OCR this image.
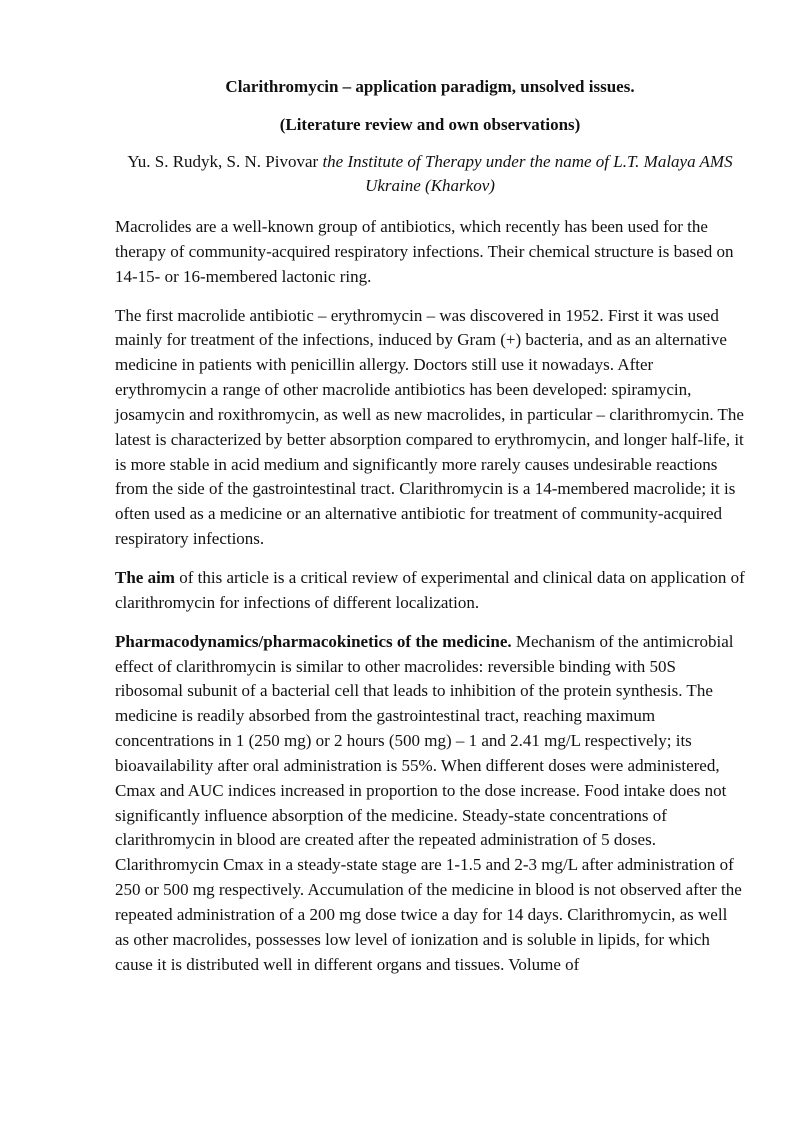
Clarithromycin – application paradigm, unsolved issues.
(Literature review and own observations)
Yu. S. Rudyk, S. N. Pivovar the Institute of Therapy under the name of L.T. Malaya AMS Ukraine (Kharkov)

Macrolides are a well-known group of antibiotics, which recently has been used for the therapy of community-acquired respiratory infections. Their chemical structure is based on 14-15- or 16-membered lactonic ring.

The first macrolide antibiotic – erythromycin – was discovered in 1952. First it was used mainly for treatment of the infections, induced by Gram (+) bacteria, and as an alternative medicine in patients with penicillin allergy. Doctors still use it nowadays. After erythromycin a range of other macrolide antibiotics has been developed: spiramycin, josamycin and roxithromycin, as well as new macrolides, in particular – clarithromycin. The latest is characterized by better absorption compared to erythromycin, and longer half-life, it is more stable in acid medium and significantly more rarely causes undesirable reactions from the side of the gastrointestinal tract. Clarithromycin is a 14-membered macrolide; it is often used as a medicine or an alternative antibiotic for treatment of community-acquired respiratory infections.

The aim of this article is a critical review of experimental and clinical data on application of clarithromycin for infections of different localization.

Pharmacodynamics/pharmacokinetics of the medicine. Mechanism of the antimicrobial effect of clarithromycin is similar to other macrolides: reversible binding with 50S ribosomal subunit of a bacterial cell that leads to inhibition of the protein synthesis. The medicine is readily absorbed from the gastrointestinal tract, reaching maximum concentrations in 1 (250 mg) or 2 hours (500 mg) – 1 and 2.41 mg/L respectively; its bioavailability after oral administration is 55%. When different doses were administered, Cmax and AUC indices increased in proportion to the dose increase. Food intake does not significantly influence absorption of the medicine. Steady-state concentrations of clarithromycin in blood are created after the repeated administration of 5 doses. Clarithromycin Cmax in a steady-state stage are 1-1.5 and 2-3 mg/L after administration of 250 or 500 mg respectively. Accumulation of the medicine in blood is not observed after the repeated administration of a 200 mg dose twice a day for 14 days. Clarithromycin, as well as other macrolides, possesses low level of ionization and is soluble in lipids, for which cause it is distributed well in different organs and tissues. Volume of
